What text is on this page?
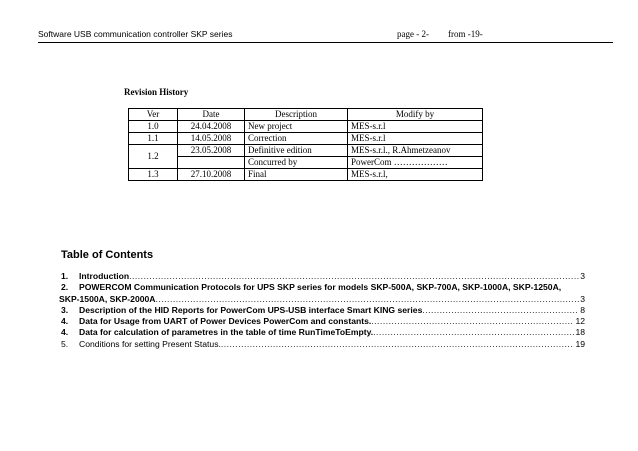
Software USB communication controller SKP series	page - 2- from -19-
Revision History
Ver	Date	Description	Modify by
1.0	24.04.2008	New project	MES-s.r.l
1.1	14.05.2008	Correction	MES-s.r.l
1.2	23.05.2008	Definitive edition	MES-s.r.l., R.Ahmetzeanov
		Concurred by	PowerCom ………………
1.3	27.10.2008	Final	MES-s.r.l,
Table of Contents
1.	Introduction .....	3
2.	POWERCOM Communication Protocols for UPS SKP series for models SKP-500A, SKP-700A, SKP-1000A, SKP-1250A,
SKP-1500A, SKP-2000A .....	3
3.	Description of the HID Reports for PowerCom UPS-USB interface Smart KING series .....	8
4.	Data for Usage from UART of Power Devices PowerCom and constants. .....	12
4.	Data for calculation of parametres in the table of time RunTimeToEmpty. .....	18
5.	Conditions for setting Present Status. .....	19
